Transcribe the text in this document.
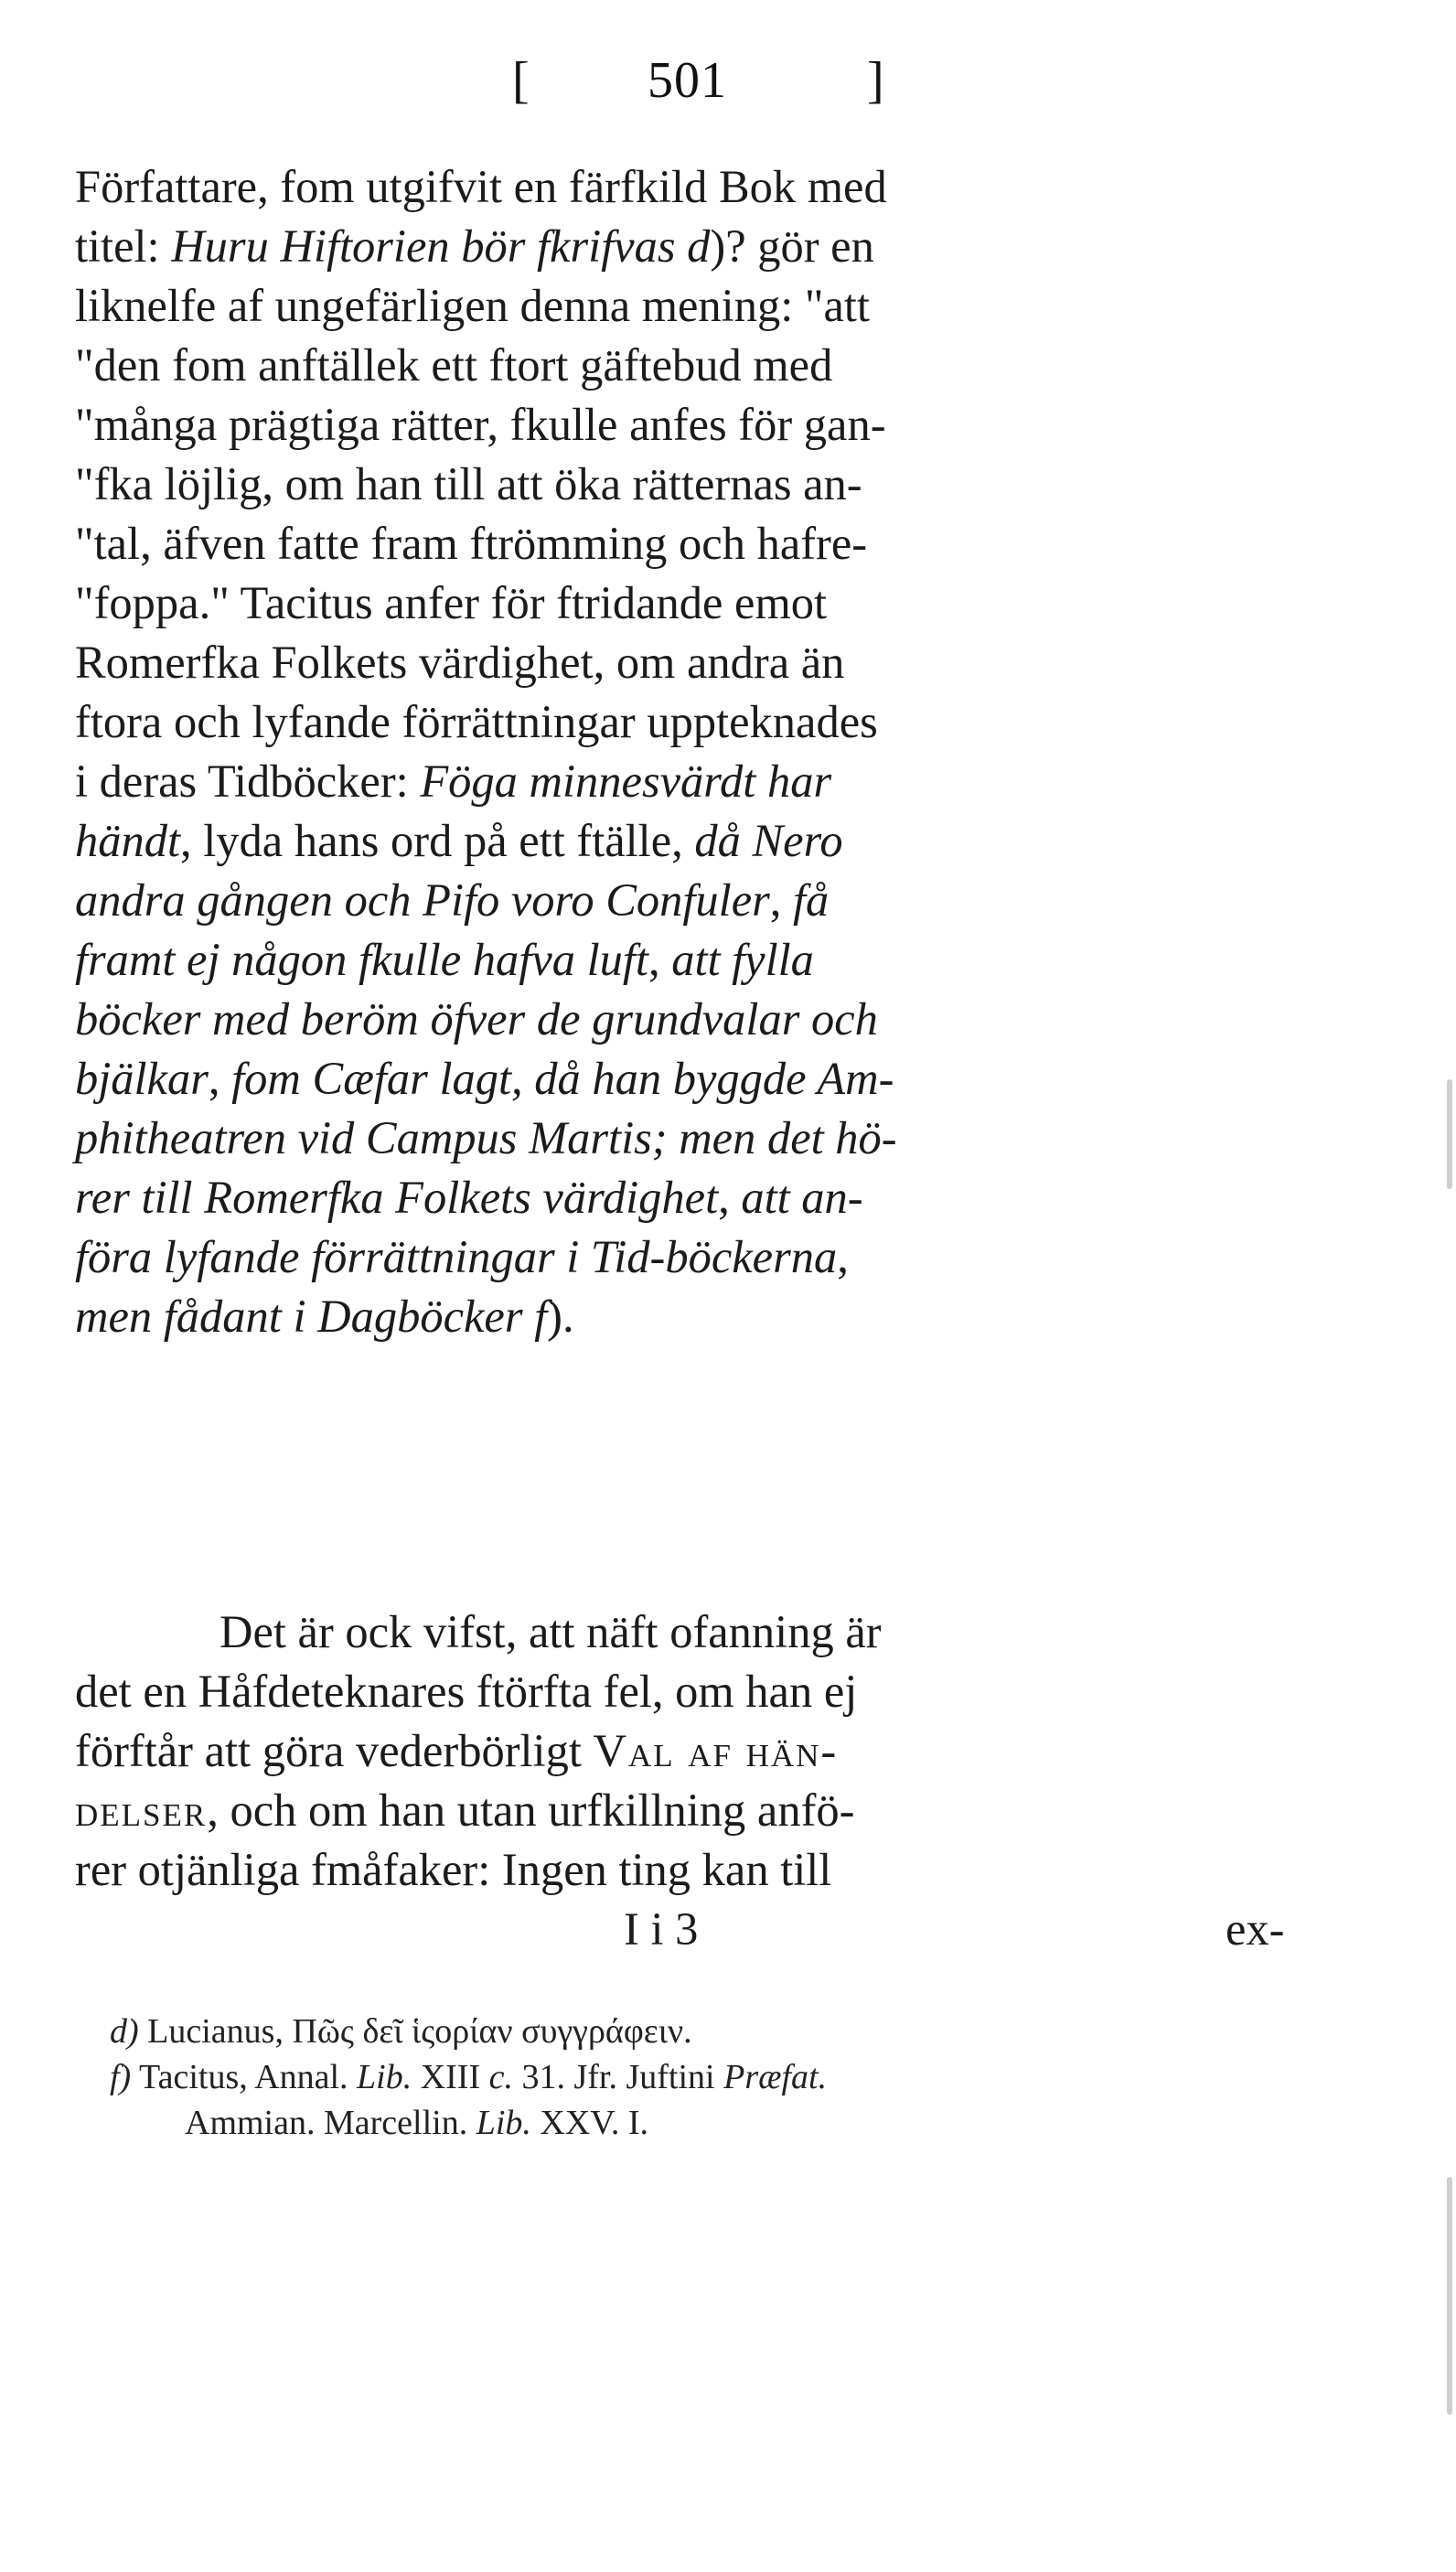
[ 501	]
Författare, fom utgifvit en färfkild Bok med
titel: Huru Hiftorien bör fkrifvas d)? gör en
liknelfe af ungefärligen denna mening: "att
"den fom anftällek ett ftort gäftebud med
"många prägtiga rätter, fkulle anfes för gan-
"fka löjlig, om han till att öka rätternas an-
"tal, äfven fatte fram ftrömming och hafre-
"foppa." Tacitus anfer för ftridande emot
Romerfka Folkets värdighet, om andra än
ftora och lyfande förrättningar uppteknades
i deras Tidböcker: Föga minnesvärdt har
händt, lyda hans ord på ett ftälle, då Nero
andra gången och Pifo voro Confuler, få
framt ej någon fkulle hafva luft, att fylla
böcker med beröm öfver de grundvalar och
bjälkar, fom Cæfar lagt, då han byggde Am-
phitheatren vid Campus Martis; men det hö-
rer till Romerfka Folkets värdighet, att an-
föra lyfande förrättningar i Tid-böckerna,
men fådant i Dagböcker f).
Det är ock vifst, att näft ofanning är
det en Håfdeteknares ftörfta fel, om han ej
förftår att göra vederbörligt Val af hän-
delser, och om han utan urfkillning anfö-
rer otjänliga fmåfaker: Ingen ting kan till
I i 3	ex-
d) Lucianus, Πῶς δεῖ ἱςορίαν συγγράφειν.
f) Tacitus, Annal. Lib. XIII c. 31. Jfr. Juftini Præfat.
Ammian. Marcellin. Lib. XXV. I.
